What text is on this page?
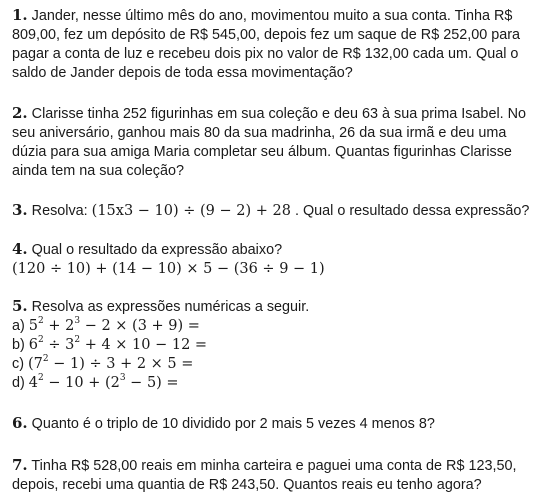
1. Jander, nesse último mês do ano, movimentou muito a sua conta. Tinha R$
809,00, fez um depósito de R$ 545,00, depois fez um saque de R$ 252,00 para
pagar a conta de luz e recebeu dois pix no valor de R$ 132,00 cada um. Qual o
saldo de Jander depois de toda essa movimentação?
2. Clarisse tinha 252 figurinhas em sua coleção e deu 63 à sua prima Isabel. No
seu aniversário, ganhou mais 80 da sua madrinha, 26 da sua irmã e deu uma
dúzia para sua amiga Maria completar seu álbum. Quantas figurinhas Clarisse
ainda tem na sua coleção?
3. Resolva: (15x3 − 10) ÷ (9 − 2) + 28 . Qual o resultado dessa expressão?
4. Qual o resultado da expressão abaixo?
(120 ÷ 10) + (14 − 10) × 5 − (36 ÷ 9 − 1)
5. Resolva as expressões numéricas a seguir.
a) $5^2 + 2^3 - 2 \times (3 + 9)$ =
b) $6^2 \div 3^2 + 4 \times 10 - 12$ =
c) $(7^2 - 1) \div 3 + 2 \times 5$ =
d) $4^2 - 10 + (2^3 - 5)$ =
6. Quanto é o triplo de 10 dividido por 2 mais 5 vezes 4 menos 8?
7. Tinha R$ 528,00 reais em minha carteira e paguei uma conta de R$ 123,50,
depois, recebi uma quantia de R$ 243,50. Quantos reais eu tenho agora?
